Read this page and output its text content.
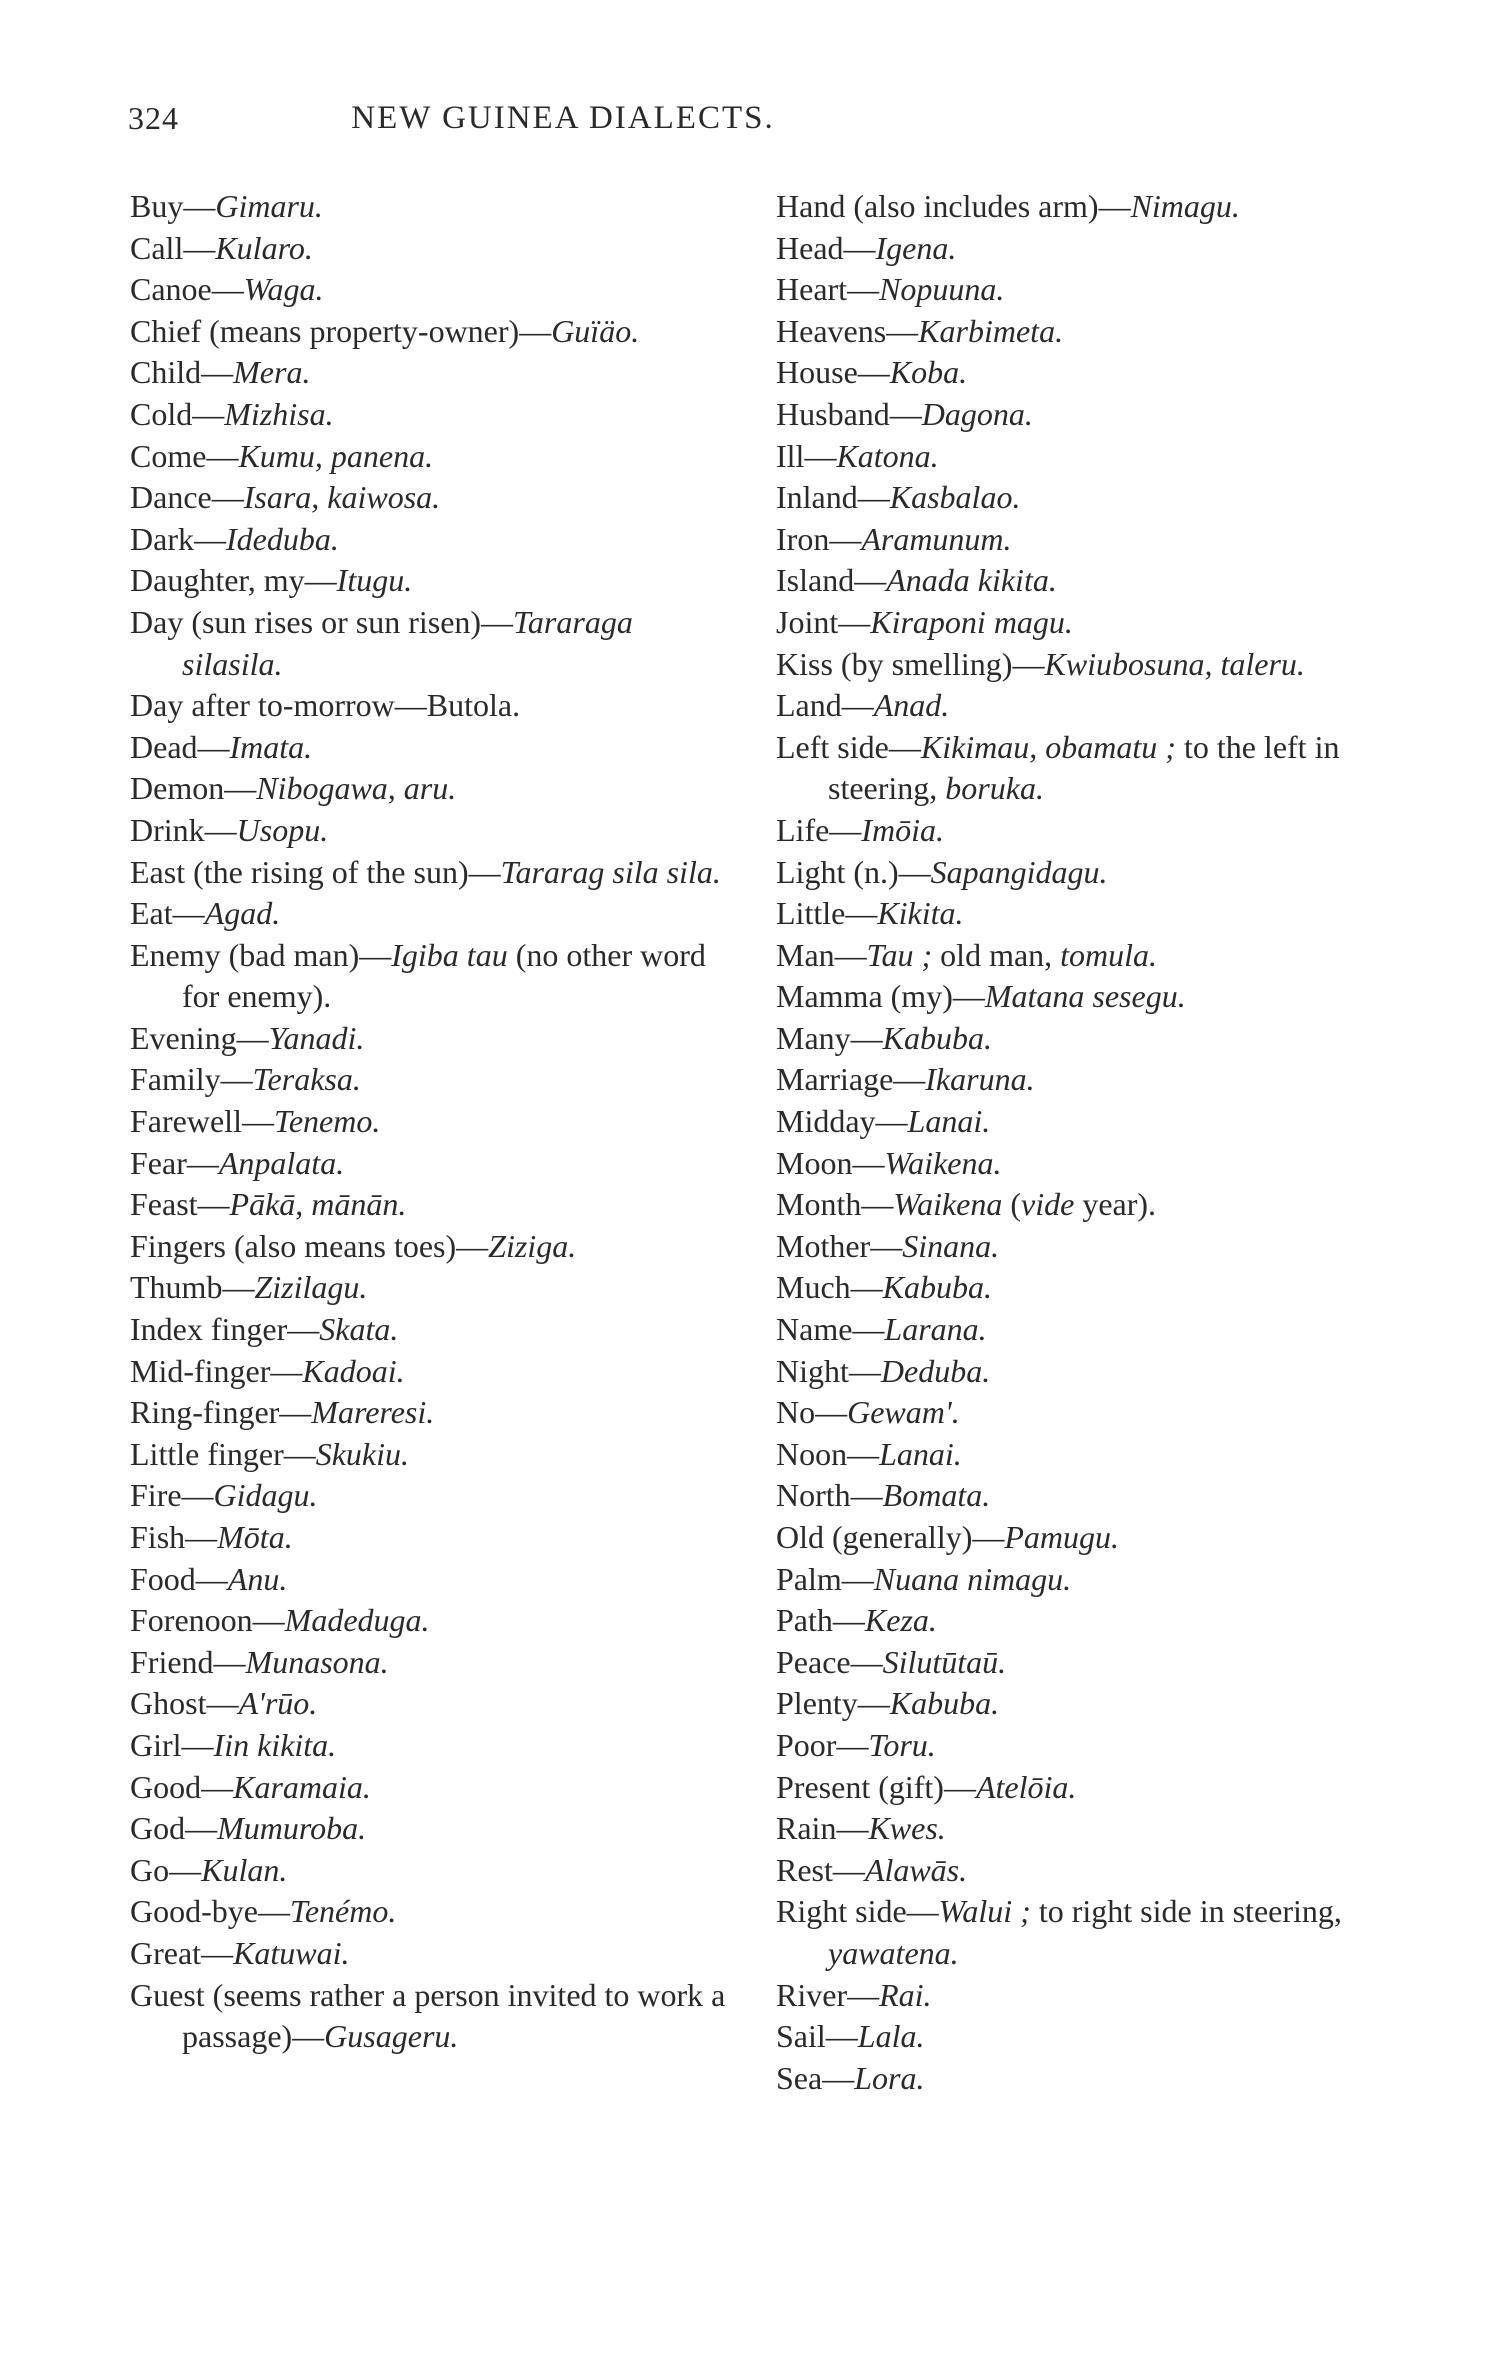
324	NEW GUINEA DIALECTS.
Buy—Gimaru.
Call—Kularo.
Canoe—Waga.
Chief (means property-owner)—Guïäo.
Child—Mera.
Cold—Mizhisa.
Come—Kumu, panena.
Dance—Isara, kaiwosa.
Dark—Ideduba.
Daughter, my—Itugu.
Day (sun rises or sun risen)—Tararaga silasila.
Day after to-morrow—Butola.
Dead—Imata.
Demon—Nibogawa, aru.
Drink—Usopu.
East (the rising of the sun)—Tararag sila sila.
Eat—Agad.
Enemy (bad man)—Igiba tau (no other word for enemy).
Evening—Yanadi.
Family—Teraksa.
Farewell—Tenemo.
Fear—Anpalata.
Feast—Pākā, mānān.
Fingers (also means toes)—Ziziga.
Thumb—Zizilagu.
Index finger—Skata.
Mid-finger—Kadoai.
Ring-finger—Mareresi.
Little finger—Skukiu.
Fire—Gidagu.
Fish—Mōta.
Food—Anu.
Forenoon—Madeduga.
Friend—Munasona.
Ghost—A'rūo.
Girl—Iin kikita.
Good—Karamaia.
God—Mumuroba.
Go—Kulan.
Good-bye—Tenémo.
Great—Katuwai.
Guest (seems rather a person invited to work a passage)—Gusageru.
Hand (also includes arm)—Nimagu.
Head—Igena.
Heart—Nopuuna.
Heavens—Karbimeta.
House—Koba.
Husband—Dagona.
Ill—Katona.
Inland—Kasbalao.
Iron—Aramunum.
Island—Anada kikita.
Joint—Kiraponi magu.
Kiss (by smelling)—Kwiubosuna, taleru.
Land—Anad.
Left side—Kikimau, obamatu ; to the left in steering, boruka.
Life—Imōia.
Light (n.)—Sapangidagu.
Little—Kikita.
Man—Tau ; old man, tomula.
Mamma (my)—Matana sesegu.
Many—Kabuba.
Marriage—Ikaruna.
Midday—Lanai.
Moon—Waikena.
Month—Waikena (vide year).
Mother—Sinana.
Much—Kabuba.
Name—Larana.
Night—Deduba.
No—Gewam'.
Noon—Lanai.
North—Bomata.
Old (generally)—Pamugu.
Palm—Nuana nimagu.
Path—Keza.
Peace—Silutūtaū.
Plenty—Kabuba.
Poor—Toru.
Present (gift)—Atelōia.
Rain—Kwes.
Rest—Alawās.
Right side—Walui ; to right side in steering, yawatena.
River—Rai.
Sail—Lala.
Sea—Lora.
